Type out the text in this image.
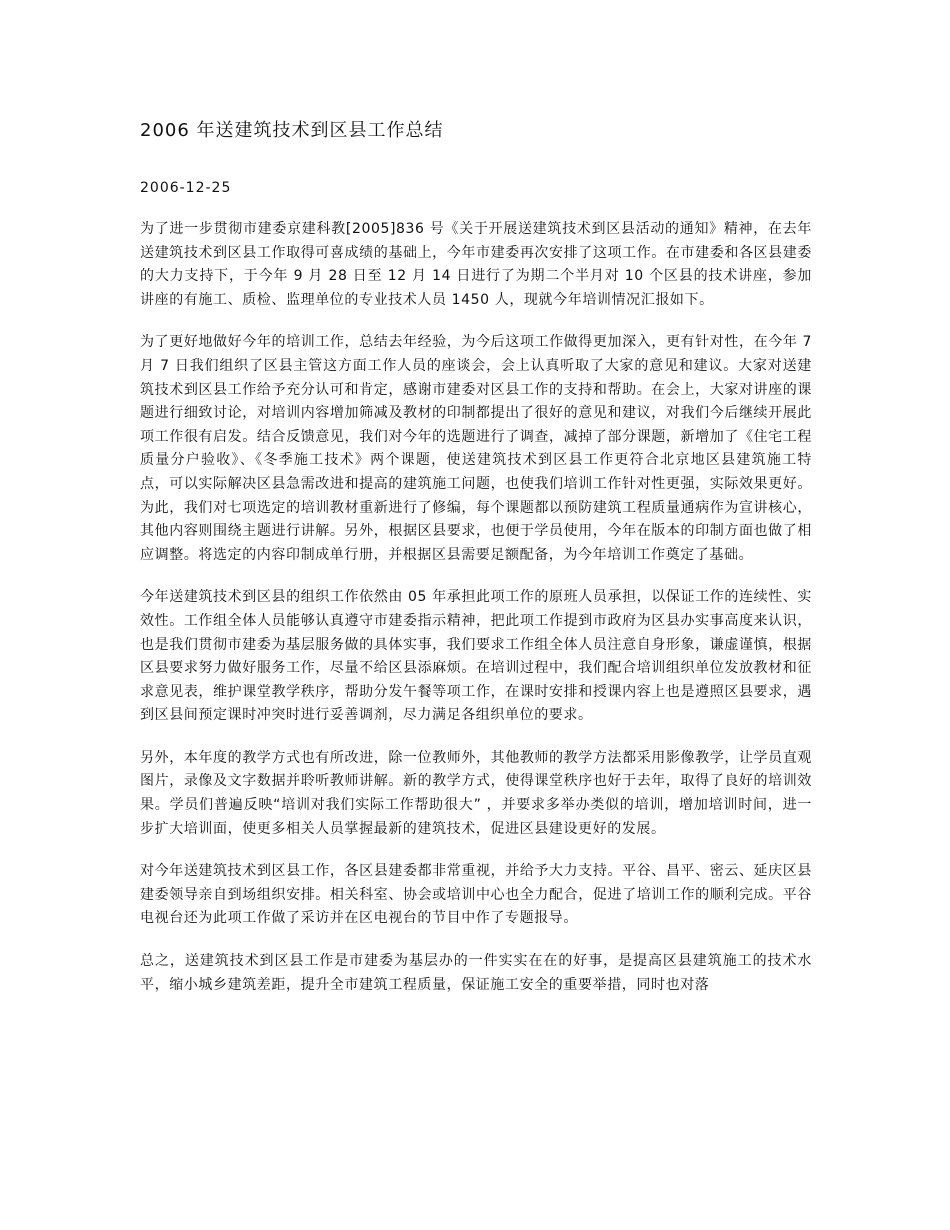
2006 年送建筑技术到区县工作总结
2006-12-25

为了进一步贯彻市建委京建科教[2005]836 号《关于开展送建筑技术到区县活动的通知》精神，在去年送建筑技术到区县工作取得可喜成绩的基础上，今年市建委再次安排了这项工作。在市建委和各区县建委的大力支持下，于今年 9 月 28 日至 12 月 14 日进行了为期二个半月对 10 个区县的技术讲座，参加讲座的有施工、质检、监理单位的专业技术人员 1450 人，现就今年培训情况汇报如下。

为了更好地做好今年的培训工作，总结去年经验，为今后这项工作做得更加深入，更有针对性，在今年 7 月 7 日我们组织了区县主管这方面工作人员的座谈会，会上认真听取了大家的意见和建议。大家对送建筑技术到区县工作给予充分认可和肯定，感谢市建委对区县工作的支持和帮助。在会上，大家对讲座的课题进行细致讨论，对培训内容增加筛减及教材的印制都提出了很好的意见和建议，对我们今后继续开展此项工作很有启发。结合反馈意见，我们对今年的选题进行了调查，减掉了部分课题，新增加了《住宅工程质量分户验收》、《冬季施工技术》两个课题，使送建筑技术到区县工作更符合北京地区县建筑施工特点，可以实际解决区县急需改进和提高的建筑施工问题，也使我们培训工作针对性更强，实际效果更好。为此，我们对七项选定的培训教材重新进行了修编，每个课题都以预防建筑工程质量通病作为宣讲核心，其他内容则围绕主题进行讲解。另外，根据区县要求，也便于学员使用，今年在版本的印制方面也做了相应调整。将选定的内容印制成单行册，并根据区县需要足额配备，为今年培训工作奠定了基础。

今年送建筑技术到区县的组织工作依然由 05 年承担此项工作的原班人员承担，以保证工作的连续性、实效性。工作组全体人员能够认真遵守市建委指示精神，把此项工作提到市政府为区县办实事高度来认识，也是我们贯彻市建委为基层服务做的具体实事，我们要求工作组全体人员注意自身形象，谦虚谨慎，根据区县要求努力做好服务工作，尽量不给区县添麻烦。在培训过程中，我们配合培训组织单位发放教材和征求意见表，维护课堂教学秩序，帮助分发午餐等项工作，在课时安排和授课内容上也是遵照区县要求，遇到区县间预定课时冲突时进行妥善调剂，尽力满足各组织单位的要求。

另外，本年度的教学方式也有所改进，除一位教师外，其他教师的教学方法都采用影像教学，让学员直观图片，录像及文字数据并聆听教师讲解。新的教学方式，使得课堂秩序也好于去年，取得了良好的培训效果。学员们普遍反映“培训对我们实际工作帮助很大” ，并要求多举办类似的培训，增加培训时间，进一步扩大培训面，使更多相关人员掌握最新的建筑技术，促进区县建设更好的发展。

对今年送建筑技术到区县工作，各区县建委都非常重视，并给予大力支持。平谷、昌平、密云、延庆区县建委领导亲自到场组织安排。相关科室、协会或培训中心也全力配合，促进了培训工作的顺利完成。平谷电视台还为此项工作做了采访并在区电视台的节目中作了专题报导。

总之，送建筑技术到区县工作是市建委为基层办的一件实实在在的好事，是提高区县建筑施工的技术水平，缩小城乡建筑差距，提升全市建筑工程质量，保证施工安全的重要举措，同时也对落
